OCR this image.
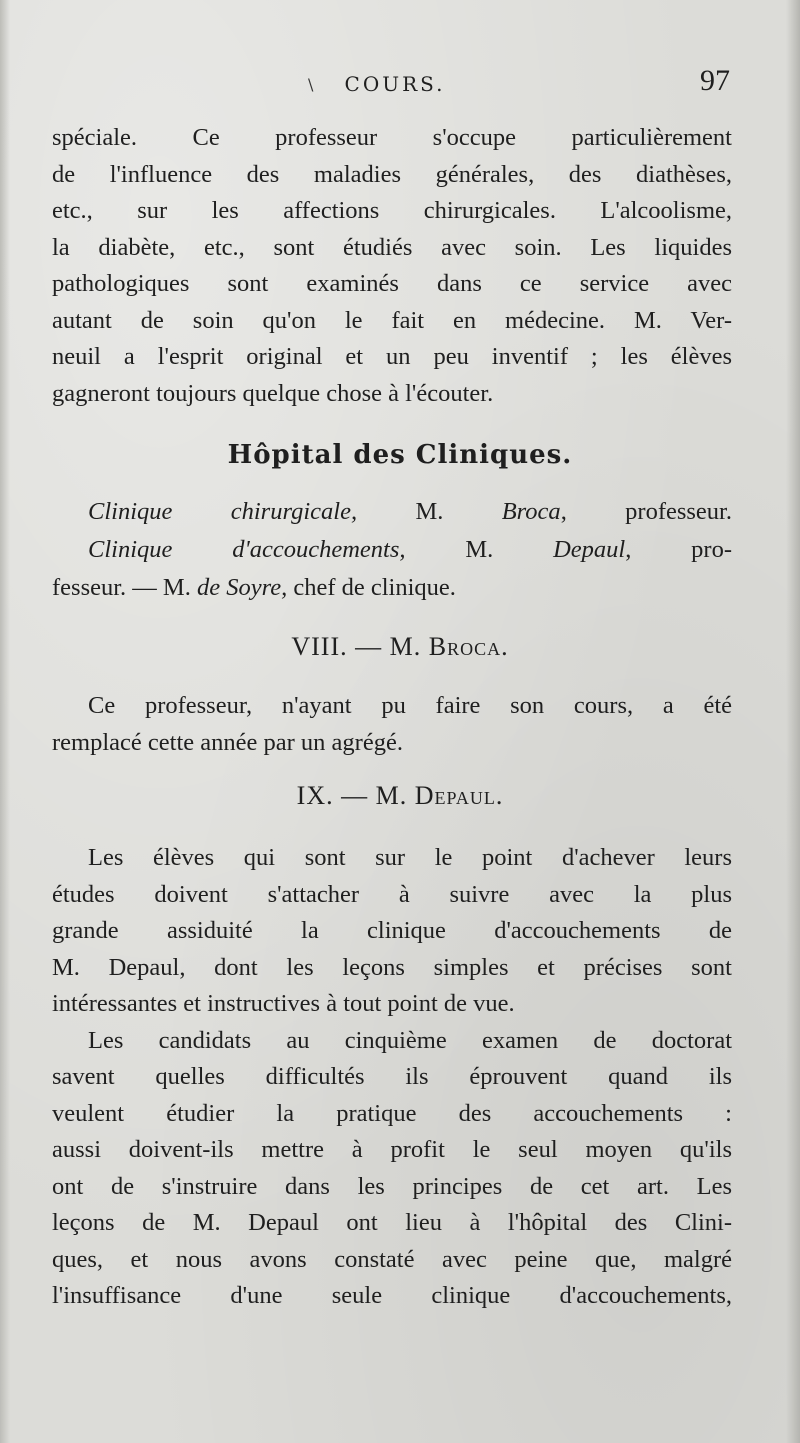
\	COURS.	97
spéciale. Ce professeur s'occupe particulièrement
de l'influence des maladies générales, des diathèses,
etc., sur les affections chirurgicales. L'alcoolisme,
la diabète, etc., sont étudiés avec soin. Les liquides
pathologiques sont examinés dans ce service avec
autant de soin qu'on le fait en médecine. M. Ver-
neuil a l'esprit original et un peu inventif ; les élèves
gagneront toujours quelque chose à l'écouter.
Hôpital des Cliniques.
Clinique chirurgicale, M. Broca, professeur.
Clinique d'accouchements, M. Depaul, pro-
fesseur. — M. de Soyre, chef de clinique.
VIII. — M. Broca.
Ce professeur, n'ayant pu faire son cours, a été
remplacé cette année par un agrégé.
IX. — M. Depaul.
Les élèves qui sont sur le point d'achever leurs
études doivent s'attacher à suivre avec la plus
grande assiduité la clinique d'accouchements de
M. Depaul, dont les leçons simples et précises sont
intéressantes et instructives à tout point de vue.
Les candidats au cinquième examen de doctorat
savent quelles difficultés ils éprouvent quand ils
veulent étudier la pratique des accouchements :
aussi doivent-ils mettre à profit le seul moyen qu'ils
ont de s'instruire dans les principes de cet art. Les
leçons de M. Depaul ont lieu à l'hôpital des Clini-
ques, et nous avons constaté avec peine que, malgré
l'insuffisance d'une seule clinique d'accouchements,
